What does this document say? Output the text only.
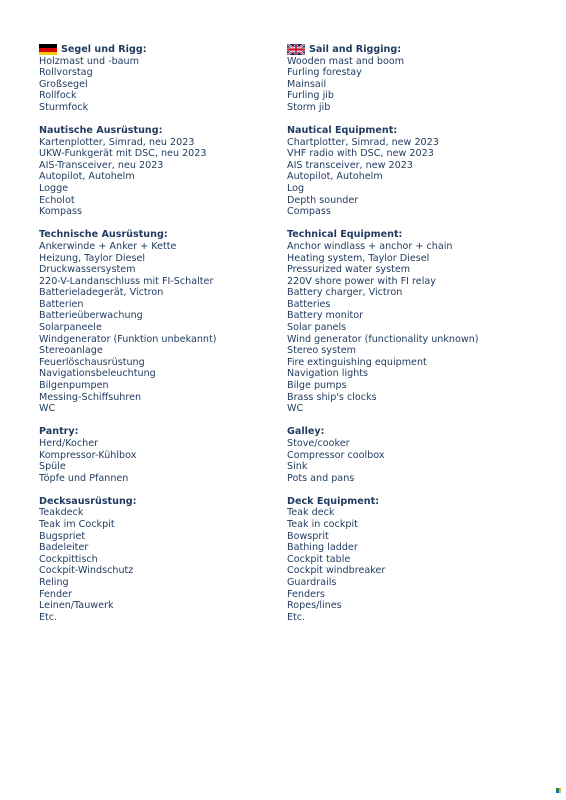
Segel und Rigg:
Holzmast und -baum
Rollvorstag
Großsegel
Rollfock
Sturmfock
Nautische Ausrüstung:
Kartenplotter, Simrad, neu 2023
UKW-Funkgerät mit DSC, neu 2023
AIS-Transceiver, neu 2023
Autopilot, Autohelm
Logge
Echolot
Kompass
Technische Ausrüstung:
Ankerwinde + Anker + Kette
Heizung, Taylor Diesel
Druckwassersystem
220-V-Landanschluss mit FI-Schalter
Batterieladegerät, Victron
Batterien
Batterieüberwachung
Solarpaneele
Windgenerator (Funktion unbekannt)
Stereoanlage
Feuerlöschausrüstung
Navigationsbeleuchtung
Bilgenpumpen
Messing-Schiffsuhren
WC
Pantry:
Herd/Kocher
Kompressor-Kühlbox
Spüle
Töpfe und Pfannen
Decksausrüstung:
Teakdeck
Teak im Cockpit
Bugspriet
Badeleiter
Cockpittisch
Cockpit-Windschutz
Reling
Fender
Leinen/Tauwerk
Etc.
Sail and Rigging:
Wooden mast and boom
Furling forestay
Mainsail
Furling jib
Storm jib
Nautical Equipment:
Chartplotter, Simrad, new 2023
VHF radio with DSC, new 2023
AIS transceiver, new 2023
Autopilot, Autohelm
Log
Depth sounder
Compass
Technical Equipment:
Anchor windlass + anchor + chain
Heating system, Taylor Diesel
Pressurized water system
220V shore power with FI relay
Battery charger, Victron
Batteries
Battery monitor
Solar panels
Wind generator (functionality unknown)
Stereo system
Fire extinguishing equipment
Navigation lights
Bilge pumps
Brass ship's clocks
WC
Galley:
Stove/cooker
Compressor coolbox
Sink
Pots and pans
Deck Equipment:
Teak deck
Teak in cockpit
Bowsprit
Bathing ladder
Cockpit table
Cockpit windbreaker
Guardrails
Fenders
Ropes/lines
Etc.
